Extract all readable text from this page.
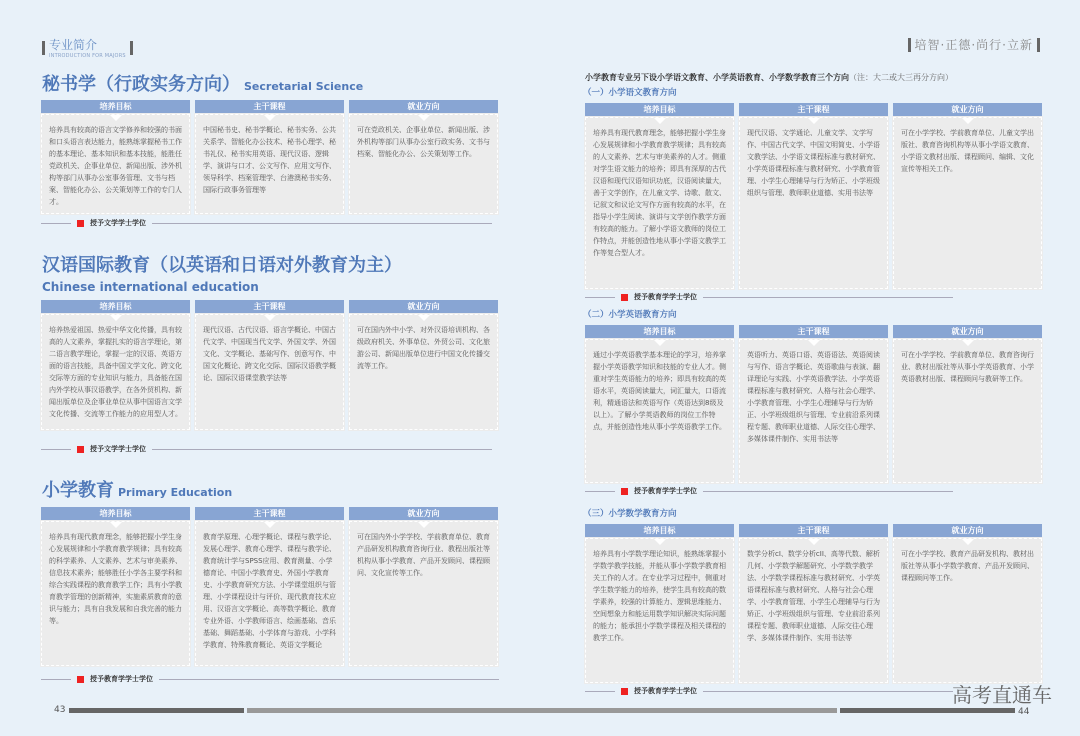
专业简介
INTRODUCTION FOR MAJORS
培智·正德·尚行·立新
小学教育专业另下设小学语文教育、小学英语教育、小学数学教育三个方向（注：大二或大三再分方向）
秘书学（行政实务方向） Secretarial Science
培养目标
培养具有较高的语言文学修养和较强的书面和口头语言表达能力，能熟练掌握秘书工作的基本理论、基本知识和基本技能，能胜任党政机关、企事业单位、新闻出版、涉外机构等部门从事办公室事务管理、文书与档案、智能化办公、公关策划等工作的专门人才。
主干课程
中国秘书史、秘书学概论、秘书实务、公共关系学、智能化办公技术、秘书心理学、秘书礼仪、秘书实用英语、现代汉语、逻辑学、演讲与口才、公文写作、应用文写作、领导科学、档案管理学、台港澳秘书实务、国际行政事务管理等
就业方向
可在党政机关、企事业单位、新闻出版、涉外机构等部门从事办公室行政实务、文书与档案、智能化办公、公关策划等工作。
授予文学学士学位
汉语国际教育（以英语和日语对外教育为主）
Chinese international education
培养目标
培养热爱祖国、热爱中华文化传播，具有较高的人文素养，掌握扎实的语言学理论，第二语言教学理论，掌握一定的汉语、英语方面的语言技能，具备中国文学文化、跨文化交际等方面的专业知识与能力，具备能在国内外学校从事汉语教学，在各外贸机构、新闻出版单位及企事业单位从事中国语言文学文化传播、交流等工作能力的应用型人才。
主干课程
现代汉语、古代汉语、语言学概论、中国古代文学、中国现当代文学、外国文学、外国文化、文学概论、基础写作、创意写作、中国文化概论、跨文化交际、国际汉语教学概论、国际汉语课堂教学法等
就业方向
可在国内外中小学、对外汉语培训机构、各级政府机关、外事单位、外贸公司、文化旅游公司、新闻出版单位进行中国文化传播交流等工作。
授予文学学士学位
小学教育 Primary Education
培养目标
培养具有现代教育理念，能够把握小学生身心发展规律和小学教育教学规律；具有较高的科学素养、人文素养、艺术与审美素养、信息技术素养；能够胜任小学各主要学科和综合实践课程的教育教学工作；具有小学教育教学管理的创新精神，实施素质教育的意识与能力；具有自我发展和自我完善的能力等。
主干课程
教育学原理、心理学概论、课程与教学论、发展心理学、教育心理学、课程与教学论、教育统计学与SPSS应用、教育测量、小学德育论、中国小学教育史、外国小学教育史、小学教育研究方法、小学课堂组织与管理、小学课程设计与评价、现代教育技术应用、汉语言文学概论、高等数学概论、教育专业外语、小学教师语言、绘画基础、音乐基础、舞蹈基础、小学体育与游戏、小学科学教育、特殊教育概论、英语文学概论
就业方向
可在国内外小学学校、学前教育单位、教育产品研发机构教育咨询行业、教程出版社等机构从事小学教育、产品开发顾问、课程顾问、文化宣传等工作。
授予教育学学士学位
（一）小学语文教育方向
培养目标
培养具有现代教育理念，能够把握小学生身心发展规律和小学教育教学规律；具有较高的人文素养、艺术与审美素养的人才。侧重对学生语文能力的培养；即具有深厚的古代汉语和现代汉语知识功底，汉语阅读量大，善于文学创作，在儿童文学、诗歌、散文、记叙文和议论文写作方面有较高的水平，在指导小学生阅读、演讲与文学创作教学方面有较高的能力。了解小学语文教师的岗位工作特点，并能创造性地从事小学语文教学工作等复合型人才。
主干课程
现代汉语、文学通论、儿童文学、文学写作、中国古代文学、中国文明简史、小学语文教学法、小学语文课程标准与教材研究、小学英语课程标准与教材研究、小学教育管理、小学生心理辅导与行为矫正、小学班级组织与管理、教师职业道德、实用书法等
就业方向
可在小学学校、学前教育单位、儿童文学出版社、教育咨询机构等从事小学语文教育、小学语文教材出版、课程顾问、编辑、文化宣传等相关工作。
授予教育学学士学位
（二）小学英语教育方向
培养目标
通过小学英语教学基本理论的学习，培养掌握小学英语教学知识和技能的专业人才。侧重对学生英语能力的培养；即具有较高的英语水平，英语阅读量大，词汇量大，口语流利，精通语法和英语写作（英语达到8级及以上）。了解小学英语教师的岗位工作特点，并能创造性地从事小学英语教学工作。
主干课程
英语听力、英语口语、英语语法、英语阅读与写作、语言学概论、英语歌曲与表演、翻译理论与实践、小学英语教学法、小学英语课程标准与教材研究、人格与社会心理学、小学教育管理、小学生心理辅导与行为矫正、小学班级组织与管理、专业前沿系列课程专题、教师职业道德、人际交往心理学、多媒体课件制作、实用书法等
就业方向
可在小学学校、学前教育单位、教育咨询行业、教材出版社等从事小学英语教育、小学英语教材出版、课程顾问与教研等工作。
授予教育学学士学位
（三）小学数学教育方向
培养目标
培养具有小学数学理论知识，能熟练掌握小学数学教学技能，并能从事小学数学教育相关工作的人才。在专业学习过程中，侧重对学生数学能力的培养，使学生具有较高的数学素养，较强的计算能力、逻辑思维能力、空间想象力和能运用数学知识解决实际问题的能力；能承担小学数学课程及相关课程的教学工作。
主干课程
数学分析cI、数学分析cII、高等代数、解析几何、小学数学解题研究、小学数学教学法、小学数学课程标准与教材研究、小学英语课程标准与教材研究、人格与社会心理学、小学教育管理、小学生心理辅导与行为矫正、小学班级组织与管理、专业前沿系列课程专题、教师职业道德、人际交往心理学、多媒体课件制作、实用书法等
就业方向
可在小学学校、教育产品研发机构、教材出版社等从事小学数学教育、产品开发顾问、课程顾问等工作。
授予教育学学士学位
43	44
高考直通车
